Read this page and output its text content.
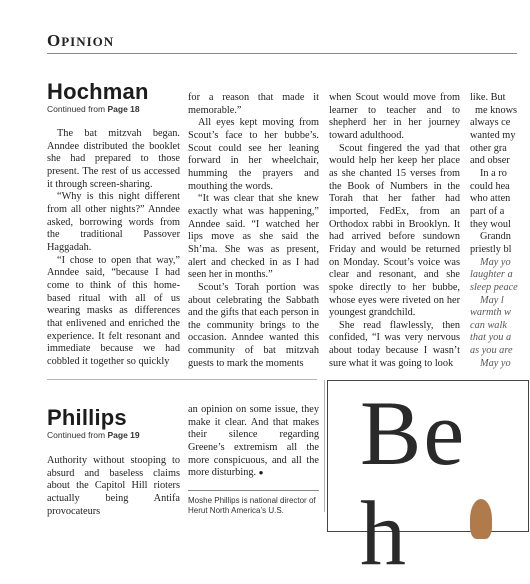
OPINION
Hochman
Continued from Page 18

The bat mitzvah began. Anndee distributed the booklet she had prepared to those present. The rest of us accessed it through screen-sharing.

“Why is this night different from all other nights?” Anndee asked, borrowing words from the traditional Passover Haggadah.

“I chose to open that way,” Anndee said, “because I had come to think of this home-based ritual with all of us wearing masks as differences that enlivened and enriched the experience. It felt resonant and immediate because we had cobbled it together so quickly

for a reason that made it memorable.”

All eyes kept moving from Scout’s face to her bubbe’s. Scout could see her leaning forward in her wheelchair, humming the prayers and mouthing the words.

“It was clear that she knew exactly what was happening,” Anndee said. “I watched her lips move as she said the Sh’ma. She was as present, alert and checked in as I had seen her in months.”

Scout’s Torah portion was about celebrating the Sabbath and the gifts that each person in the community brings to the occasion. Anndee wanted this community of bat mitzvah guests to mark the moments

when Scout would move from learner to teacher and to shepherd her in her journey toward adulthood.

Scout fingered the yad that would help her keep her place as she chanted 15 verses from the Book of Numbers in the Torah that her father had imported, FedEx, from an Orthodox rabbi in Brooklyn. It had arrived before sundown Friday and would be returned on Monday. Scout’s voice was clear and resonant, and she spoke directly to her bubbe, whose eyes were riveted on her youngest grandchild.

She read flawlessly, then confided, “I was very nervous about today because I wasn’t sure what it was going to look

like. But
me knows
always ce
wanted my
other gra
and obser
In a ro
could hea
who atten
part of a
they woul
Grandn
priestly bl
May yo
laughter a
sleep peace
May l
warmth w
can walk
that you a
as you are
May yo
Phillips
Continued from Page 19

Authority without stooping to absurd and baseless claims about the Capitol Hill rioters actually being Antifa provocateurs

an opinion on some issue, they make it clear. And that makes their silence regarding Greene’s extremism all the more conspicuous, and all the more disturbing. ●
Moshe Phillips is national director of Herut North America’s U.S.
Be h
